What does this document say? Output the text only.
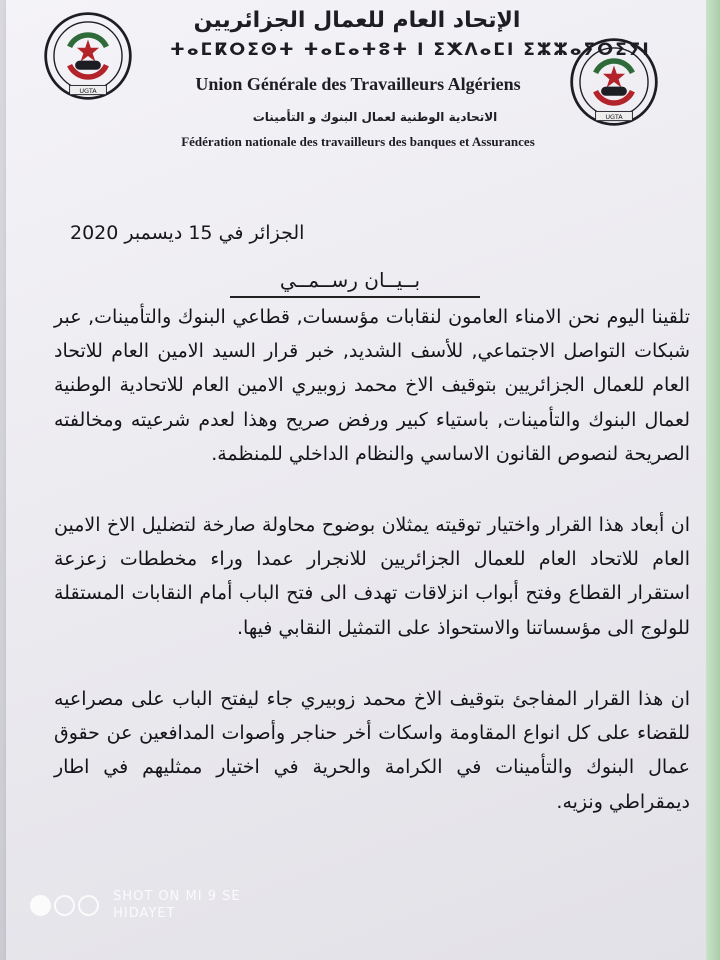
UGTA
UGTA
الإتحاد العام للعمال الجزائريين
ⵜⴰⵎⴽⵔⵉⵙⵜ ⵜⴰⵎⴰⵜⵓⵜ ⵏ ⵉⵅⴷⴰⵎⵏ ⵉⵣⵣⴰⵢⵔⵉⵢⵏ
Union Générale des Travailleurs Algériens
الاتحادية الوطنية لعمال البنوك و التأمينات
Fédération nationale des travailleurs des banques et Assurances
الجزائر في 15 ديسمبر 2020
بــيــان رســمــي
تلقينا اليوم نحن الامناء العامون لنقابات مؤسسات, قطاعي البنوك والتأمينات, عبر شبكات التواصل الاجتماعي, للأسف الشديد, خبر قرار السيد الامين العام للاتحاد العام للعمال الجزائريين بتوقيف الاخ محمد زوبيري الامين العام للاتحادية الوطنية لعمال البنوك والتأمينات, باستياء كبير ورفض صريح وهذا لعدم شرعيته ومخالفته الصريحة لنصوص القانون الاساسي والنظام الداخلي للمنظمة.
ان أبعاد هذا القرار واختيار توقيته يمثلان بوضوح محاولة صارخة لتضليل الاخ الامين العام للاتحاد العام للعمال الجزائريين للانجرار عمدا وراء مخططات زعزعة استقرار القطاع وفتح أبواب انزلاقات تهدف الى فتح الباب أمام النقابات المستقلة للولوج الى مؤسساتنا والاستحواذ على التمثيل النقابي فيها.
ان هذا القرار المفاجئ بتوقيف الاخ محمد زوبيري جاء ليفتح الباب على مصراعيه للقضاء على كل انواع المقاومة واسكات أخر حناجر وأصوات المدافعين عن حقوق عمال البنوك والتأمينات في الكرامة والحرية في اختيار ممثليهم في اطار ديمقراطي ونزيه.
SHOT ON MI 9 SE
HIDAYET
